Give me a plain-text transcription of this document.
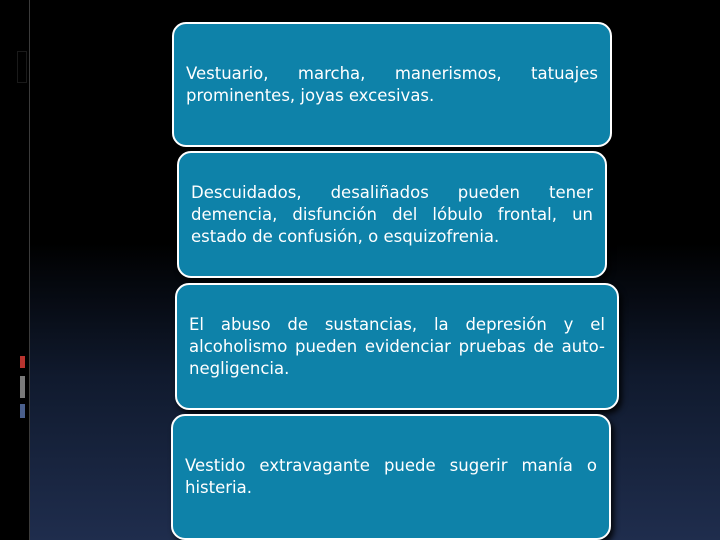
Vestuario, marcha, manerismos, tatuajes prominentes, joyas excesivas.
Descuidados, desaliñados pueden tener demencia, disfunción del lóbulo frontal, un estado de confusión, o esquizofrenia.
El abuso de sustancias, la depresión y el alcoholismo pueden evidenciar pruebas de auto-negligencia.
Vestido extravagante puede sugerir manía o histeria.
